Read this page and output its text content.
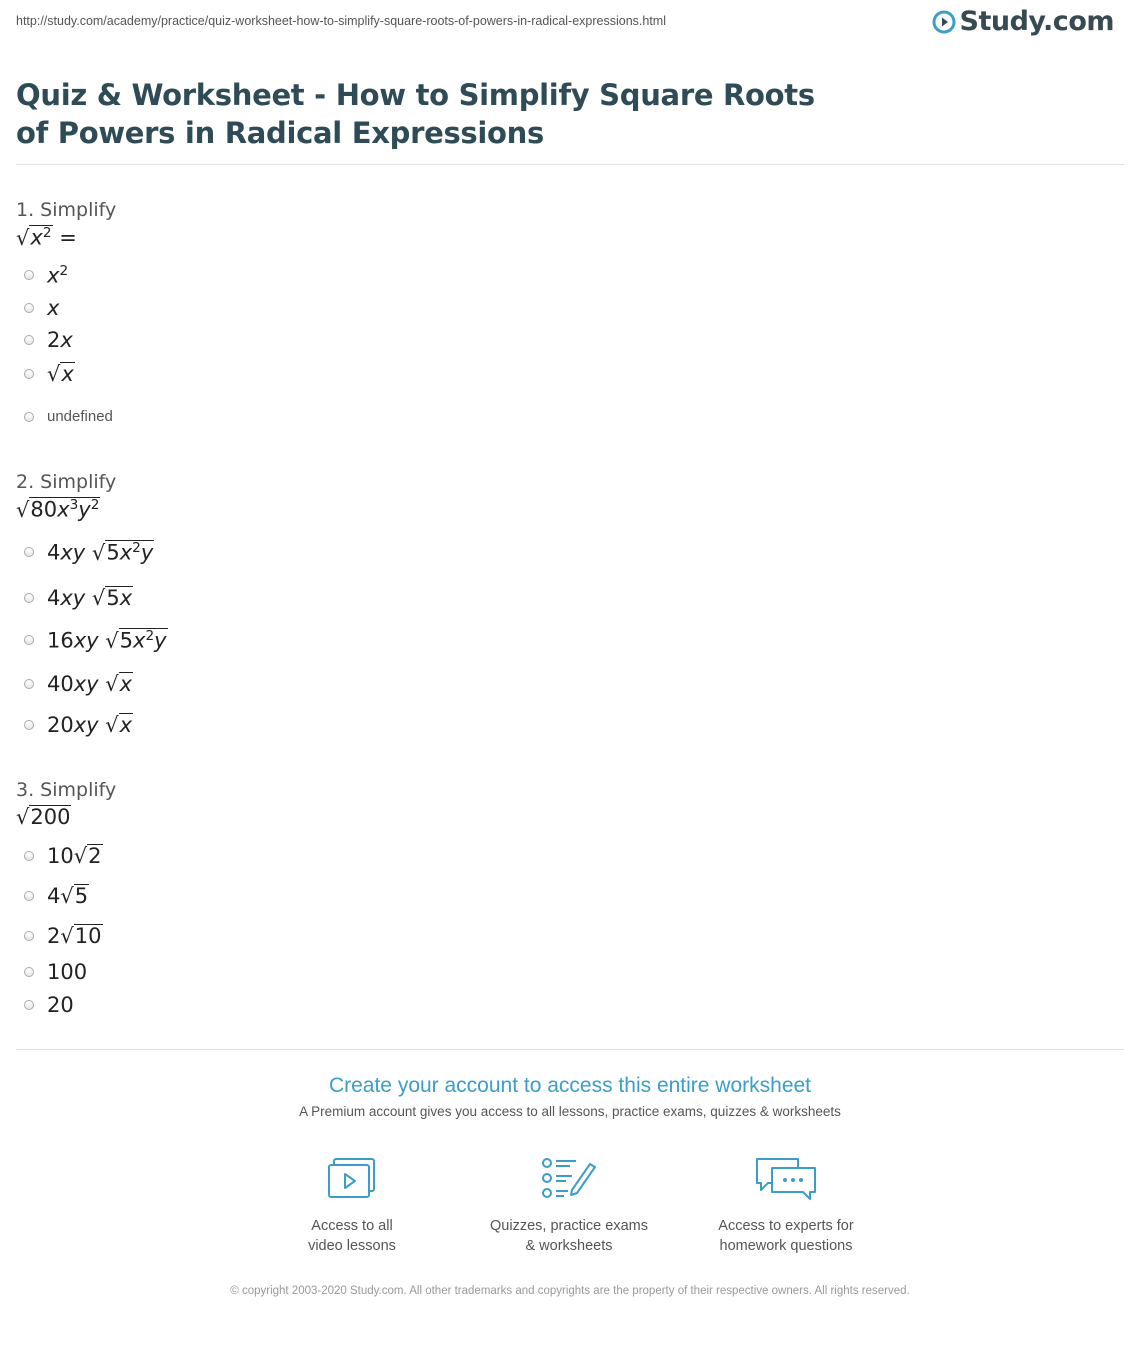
http://study.com/academy/practice/quiz-worksheet-how-to-simplify-square-roots-of-powers-in-radical-expressions.html	Study.com
Quiz & Worksheet - How to Simplify Square Roots of Powers in Radical Expressions
1. Simplify
$√x^2$ =
$x^2$
x
2x
√x
undefined
2. Simplify
$√80x^3y^2$
4xy $√5x^2y$
4xy √5x
16xy $√5x^2y$
40xy √x
20xy √x
3. Simplify
√200
10√2
4√5
2√10
100
20
Create your account to access this entire worksheet
A Premium account gives you access to all lessons, practice exams, quizzes & worksheets
Access to all
video lessons
Quizzes, practice exams
& worksheets
Access to experts for
homework questions
© copyright 2003-2020 Study.com. All other trademarks and copyrights are the property of their respective owners. All rights reserved.
